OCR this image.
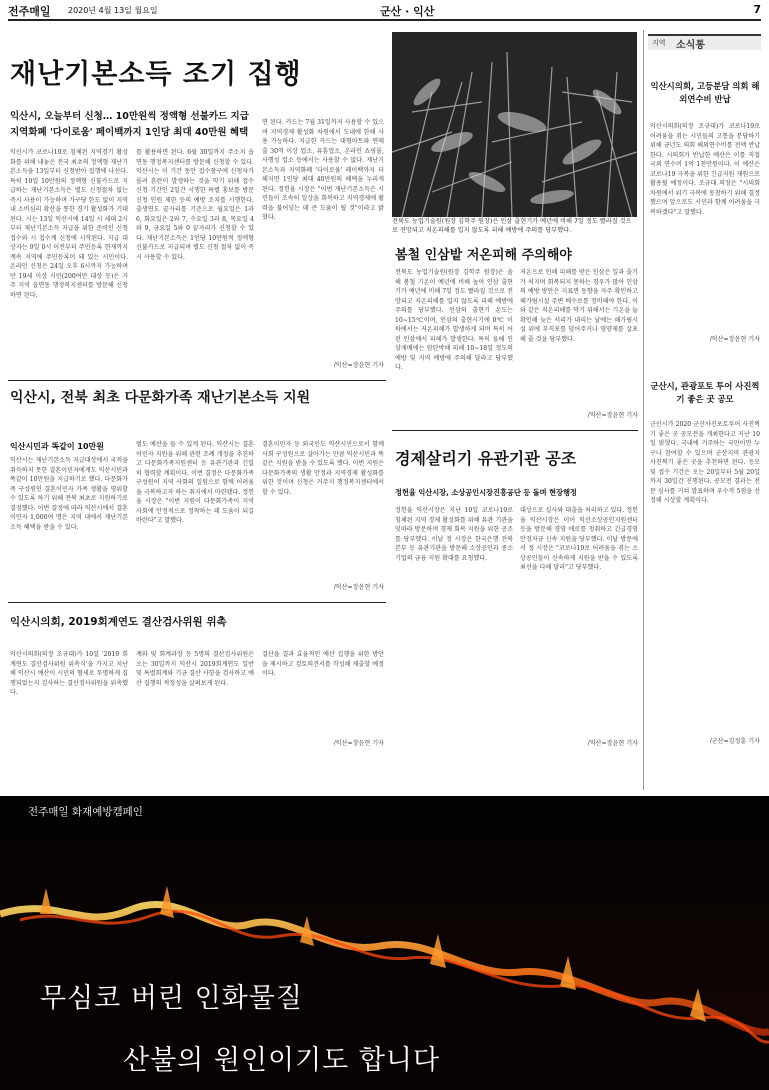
전주매일 2020년 4월 13일 월요일	군산 · 익산	7
재난기본소득 조기 집행
익산시, 오늘부터 신청… 10만원씩 정액형 선불카드 지급
지역화폐 '다이로움' 페이백까지 1인당 최대 40만원 혜택
익산시가 코로나19로 침체된 지역경기 활성화를 위해 내놓은 전국 최초의 정액형 재난기본소득을 13일부터 신청받아 집행에 나선다. 특히 10일 10만원의 정액형 신불카드로 지급하는 재난기본소득은 별도 신청절차 없는 즉시 사용이 가능하며 가구당 한도 없이 지역 내 소비심리 확산을 통한 경기 활성화가 기대된다. 시는 13일 익산시에 14일 시 세대 2시부터 재난기본소득 지급을 위한 준비인 신청 접수와 시 접수계 신청에 시작된다. 지급 대상자는 9일 0시 이전부터 주민등록 현재까지 계속 지역에 주민등록이 돼 있는 시민이다. 온라인 신청은 24일 오후 6시까지 가능하며 만 19세 이상 시민(200여만 대상 등)은 거주 지역 읍면동 행정복지센터를 방문해 신청 하면 된다.
를 활용하면 된다. 6월 30일까지 주소지 읍면동 행정복지센터를 방문해 신청할 수 있다. 익산시는 이 기간 동안 접수창구에 신청자가 몰려 혼란이 발생하는 것을 막기 위해 접수 신청 기간인 2일간 시행한 특별 홍보를 방문 신청 인원 제한 등의 예방 조치를 시행한다. 출생연도 끝자리를 기준으로 월요일은 1과 6, 화요일은 2와 7, 수요일 3과 8, 목요일 4와 9, 금요일 5와 0 끝자리가 신청할 수 있다. 재난기본소득은 1인당 10만원씩 정액형 신불카드로 지급되며 별도 신청 절차 없이 즉시 사용할 수 있다.
면 된다. 카드는 7월 31일까지 사용할 수 있으며 지역경제 활성화 차원에서 도내에 한해 사용 가능하다. 지급한 카드는 대형마트와 연매출 30억 이상 업소, 유흥업소, 온라인 쇼핑몰, 사행성 업소 등에서는 사용할 수 없다. 재난기본소득과 지역화폐 '다이로움' 페이백까지 더해지면 1인당 최대 40만원의 혜택을 누리게 된다. 정헌율 시장은 "이번 재난기본소득은 시민들이 조속히 일상을 회복하고 지역경제에 활력을 불어넣는 데 큰 도움이 될 것"이라고 밝혔다.
/익산=장윤현 기자
전북도 농업기술원(원장 김학주 원장)은 인삼 출현기가 예년에 비해 7일 정도 빨라질 것으로 전망되고 저온피해를 입지 않도록 피해 예방에 주의를 당부했다.
봄철 인삼밭 저온피해 주의해야
전북도 농업기술원(원장 김학주 원장)은 올해 봄철 기온이 예년에 비해 높아 인삼 출현기가 예년에 비해 7일 정도 빨라질 것으로 전망되고 저온피해를 입지 않도록 피해 예방에 주의를 당부했다. 인삼의 출현기 온도는 10~15℃이며, 인삼의 출현시기에 0℃ 이하에서는 저온피해가 발생하게 되며 특히 어린 인삼에서 피해가 발생한다. 특히 올해 인삼재배에는 암탄박해 피해 10~18일 정도의 예방 및 지역 예방에 주의해 달라고 당부했다.
저온으로 인해 피해를 받은 인삼은 잎과 줄기가 처지며 회복되지 못하는 경우가 많아 인삼의 예방 방안은 지표면 동향을 자주 확인하고 해가림시설 주변 배수로를 정비해야 한다. 이와 같은 저온피해를 막기 위해서는 기온을 늘 확인해 늦은 서리가 내리는 날에는 해가림시설 위에 부직포를 덮어주거나 영양제를 살포해 줄 것을 당부했다.
/익산=장윤현 기자
지역 소식통
익산시의회, 고등분담 의회 해외연수비 반납
익산시의회(의장 조규대)가 코로나19로 어려움을 겪는 시민들의 고통을 분담하기 위해 금년도 의회 해외연수비를 전액 반납한다. 시의회가 반납한 예산은 이를 직접 국외 연수비 1억 1천만원이다. 이 예산은 코로나19 극복을 위한 긴급지원 재원으로 활용될 예정이다. 조규대 의장은 "시의회 차원에서 위기 극복에 동참하기 위해 결정했으며 앞으로도 시민과 함께 어려움을 극복하겠다"고 말했다.
/익산=장윤현 기자
군산시, 관광포토 투어 사진찍기 좋은 곳 공모
군산시가 2020 군산사진포토투어 사진찍기 좋은 곳 공모전을 개최한다고 지난 10일 밝혔다. 국내에 거주하는 국민이면 누구나 참여할 수 있으며 군산지역 관광지 사진찍기 좋은 곳을 추천하면 된다. 응모 및 접수 기간은 오는 20일부터 5월 20일까지 30일간 진행된다. 공모전 결과는 전문 심사를 거쳐 발표하며 우수작 5점을 선정해 시상할 계획이다.
/군산=김정훈 기자
익산시, 전북 최초 다문화가족 재난기본소득 지원
익산시민과 똑같이 10만원
익산시는 재난기본소득 지급대상에서 국적을 취득하지 못한 결혼이민자에게도 익산시민과 똑같이 10만원을 지급하기로 했다. 다문화가족 구성원인 결혼이민자 가족 생활을 영위할 수 있도록 하기 위해 전북 최초로 지원하기로 결정했다. 이번 결정에 따라 익산시에서 결혼이민자 1,000여 명은 지역 내에서 재난기본소득 혜택을 받을 수 있다.
별도 예산을 들 수 있게 된다. 익산시는 결혼이민자 지원을 위해 관련 조례 개정을 추진하고 다문화가족지원센터 등 유관기관과 긴밀히 협력할 계획이다. 이번 결정은 다문화가족 구성원이 지역 사회의 일원으로 함께 어려움을 극복하고자 하는 취지에서 마련됐다. 정헌율 시장은 "이번 지원이 다문화가족이 지역사회에 안정적으로 정착하는 데 도움이 되길 바란다"고 말했다.
결혼이민자 등 외국인도 익산시민으로서 함께 사회 구성원으로 살아가는 만큼 익산시민과 똑같은 지원을 받을 수 있도록 했다. 이번 지원은 다문화가족의 생활 안정과 지역경제 활성화를 위한 것이며 신청은 거주지 행정복지센터에서 할 수 있다.
/익산=장윤현 기자
경제살리기 유관기관 공조
정헌율 익산시장, 소상공인시장진흥공단 등 돌며 현장행정
정헌율 익산시장은 지난 10일 코로나19로 침체된 지역 경제 활성화를 위해 유관 기관을 잇따라 방문하며 경제 회복 지원을 위한 공조를 당부했다. 이날 정 시장은 한국은행 전북본부 등 유관기관을 방문해 소상공인과 중소기업의 금융 지원 확대를 요청했다.
대상으로 실사와 대출을 처리하고 있다. 정헌율 익산시장은 이어 익산소상공인지원센터 등을 방문해 경영 애로를 청취하고 긴급경영안정자금 신속 지원을 당부했다. 이날 방문에서 정 시장은 "코로나19로 어려움을 겪는 소상공인들이 신속하게 지원을 받을 수 있도록 최선을 다해 달라"고 당부했다.
/익산=장윤현 기자
익산시의회, 2019회계연도 결산검사위원 위촉
익산시의회(의장 조규대)가 10일 '2019 회계연도 결산검사위원 위촉식'을 가지고 지난해 익산시 예산이 시민의 혈세로 투명하게 집행되었는지 검사하는 결산검사위원을 위촉했다.
계와 및 회계과장 등 5명의 결산검사위원은 오는 30일까지 익산시 2019회계연도 일반 및 특별회계와 기금 결산 사항을 검사하고 예산 집행의 적정성을 살펴보게 된다.
결산을 결과 효율적인 예산 집행을 위한 방안을 제시하고 검토의견서를 작성해 제출할 예정이다.
/익산=장윤현 기자
전주매일 화재예방캠페인
무심코 버린 인화물질
산불의 원인이기도 합니다
